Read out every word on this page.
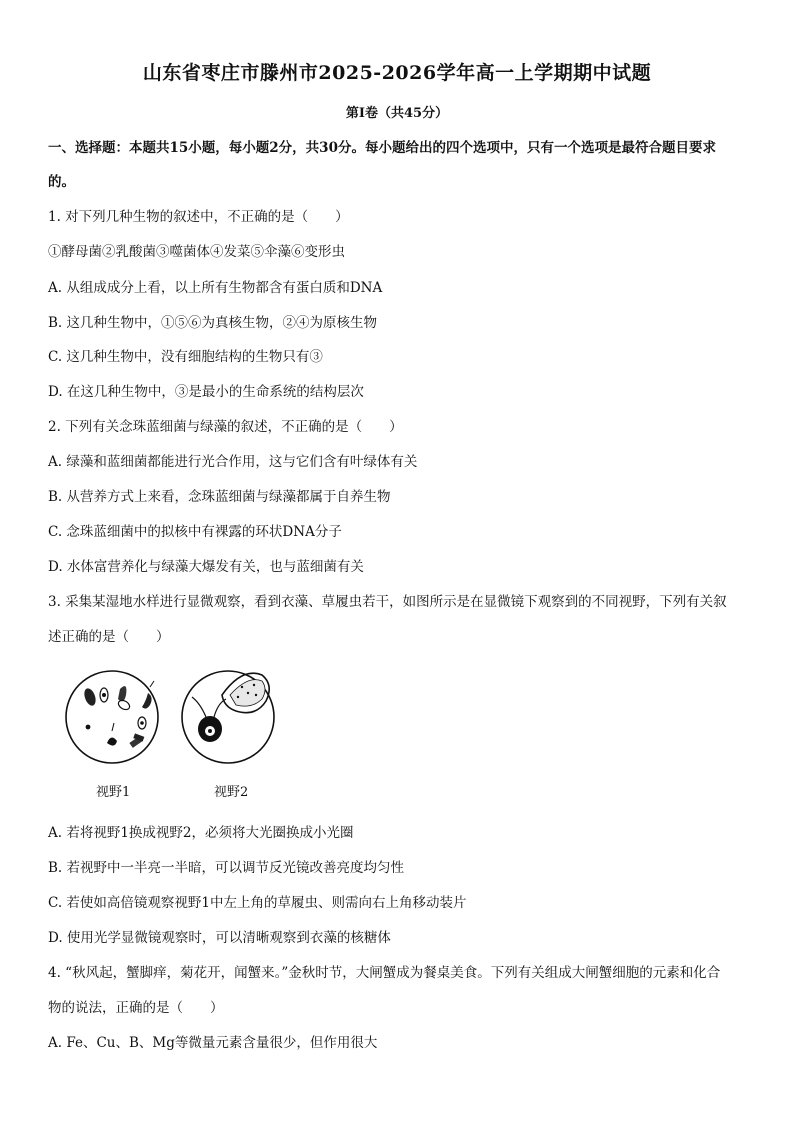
山东省枣庄市滕州市2025-2026学年高一上学期期中试题
第Ⅰ卷（共45分）
一、选择题：本题共15小题，每小题2分，共30分。每小题给出的四个选项中，只有一个选项是最符合题目要求
的。
1. 对下列几种生物的叙述中，不正确的是（　　）
①酵母菌②乳酸菌③噬菌体④发菜⑤伞藻⑥变形虫
A. 从组成成分上看，以上所有生物都含有蛋白质和DNA
B. 这几种生物中，①⑤⑥为真核生物，②④为原核生物
C. 这几种生物中，没有细胞结构的生物只有③
D. 在这几种生物中，③是最小的生命系统的结构层次
2. 下列有关念珠蓝细菌与绿藻的叙述，不正确的是（　　）
A. 绿藻和蓝细菌都能进行光合作用，这与它们含有叶绿体有关
B. 从营养方式上来看，念珠蓝细菌与绿藻都属于自养生物
C. 念珠蓝细菌中的拟核中有裸露的环状DNA分子
D. 水体富营养化与绿藻大爆发有关，也与蓝细菌有关
3. 采集某湿地水样进行显微观察，看到衣藻、草履虫若干，如图所示是在显微镜下观察到的不同视野，下列有关叙
述正确的是（　　）
视野1	视野2
A. 若将视野1换成视野2，必须将大光圈换成小光圈
B. 若视野中一半亮一半暗，可以调节反光镜改善亮度均匀性
C. 若使如高倍镜观察视野1中左上角的草履虫、则需向右上角移动装片
D. 使用光学显微镜观察时，可以清晰观察到衣藻的核糖体
4. “秋风起，蟹脚痒，菊花开，闻蟹来。”金秋时节，大闸蟹成为餐桌美食。下列有关组成大闸蟹细胞的元素和化合
物的说法，正确的是（　　）
A. Fe、Cu、B、Mg等微量元素含量很少，但作用很大
